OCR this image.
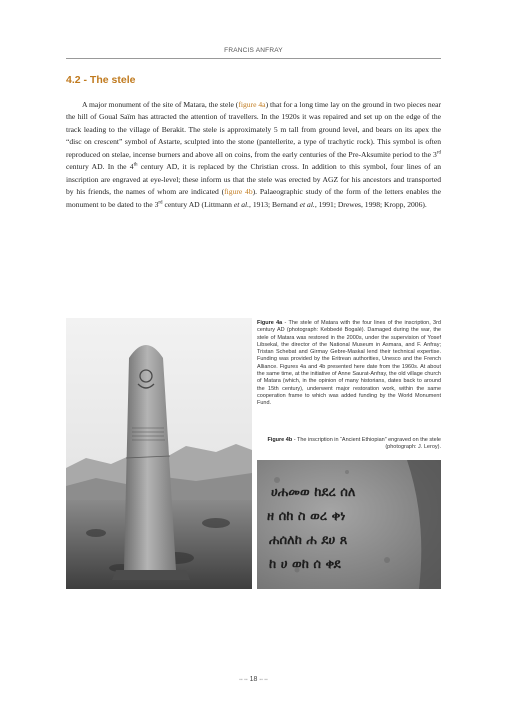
FRANCIS ANFRAY
4.2 - The stele

A major monument of the site of Matara, the stele (figure 4a) that for a long time lay on the ground in two pieces near the hill of Goual Saïm has attracted the attention of travellers. In the 1920s it was repaired and set up on the edge of the track leading to the village of Berakit. The stele is approximately 5 m tall from ground level, and bears on its apex the “disc on crescent” symbol of Astarte, sculpted into the stone (pantellerite, a type of trachytic rock). This symbol is often reproduced on stelae, incense burners and above all on coins, from the early centuries of the Pre-Aksumite period to the 3rd century AD. In the 4th century AD, it is replaced by the Christian cross. In addition to this symbol, four lines of an inscription are engraved at eye-level; these inform us that the stele was erected by AGZ for his ancestors and transported by his friends, the names of whom are indicated (figure 4b). Palaeographic study of the form of the letters enables the monument to be dated to the 3rd century AD (Littmann et al., 1913; Bernand et al., 1991; Drewes, 1998; Kropp, 2006).

Figure 4a - The stele of Matara with the four lines of the inscription, 3rd century AD (photograph: Kebbedé Bogalé). Damaged during the war, the stele of Matara was restored in the 2000s, under the supervision of Yosef Libsekal, the director of the National Museum in Asmara, and F. Anfray; Tristan Schebat and Girmay Gebre-Maskal lend their technical expertise. Funding was provided by the Eritrean authorities, Unesco and the French Alliance. Figures 4a and 4b presented here date from the 1960s. At about the same time, at the initiative of Anne Saurat-Anfray, the old village church of Matara (which, in the opinion of many historians, dates back to around the 15th century), underwent major restoration work, within the same cooperation frame to which was added funding by the World Monument Fund.
Figure 4b - The inscription in “Ancient Ethiopian” engraved on the stele (photograph: J. Leroy).
ሀሐመወ ከደረ ሰለ
ዘ ሰከ ስ ወረ ቀነ
ሐሰለከ ሐ ደሀ ጸ
ከ ሀ ወከ ሰ ቀደ
▪▪ ▪▪ 18 ▪▪ ▪▪
